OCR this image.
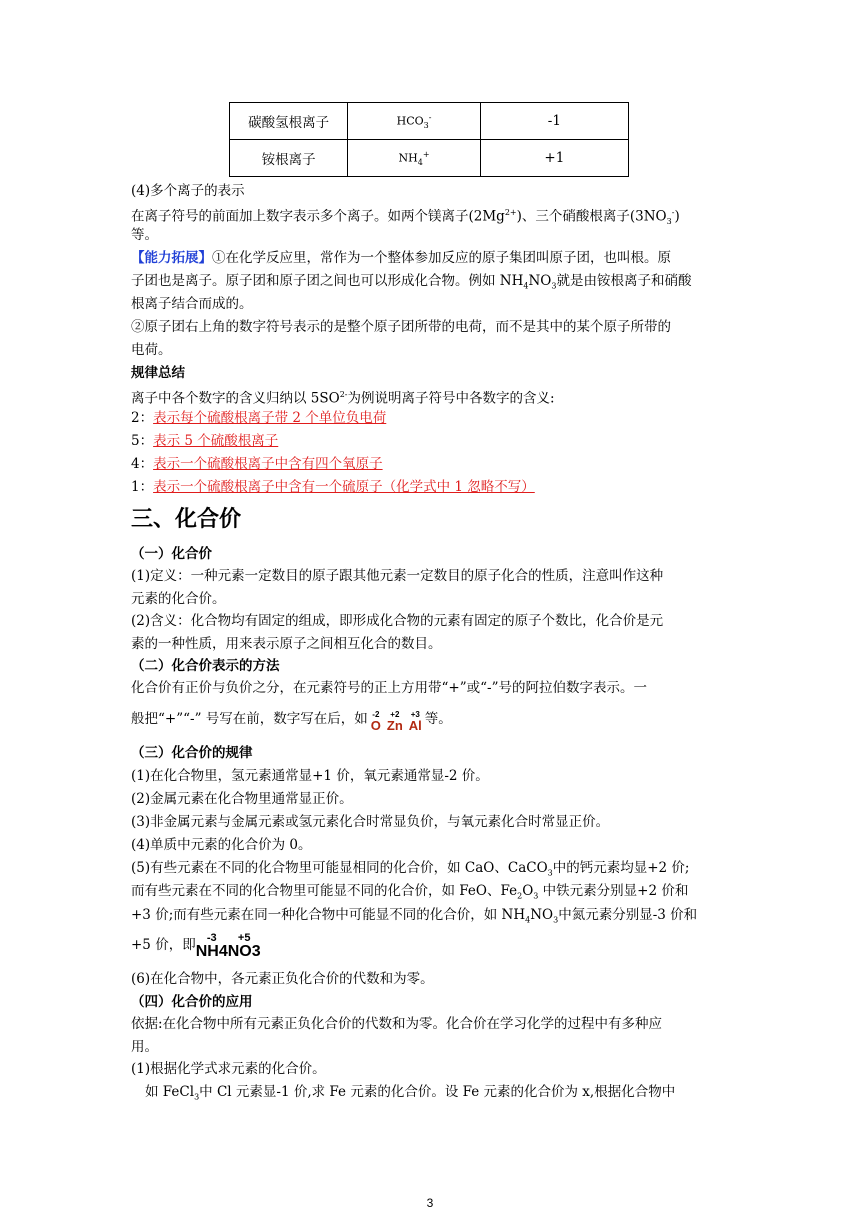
碳酸氢根离子	$HCO_3^-$	-1
铵根离子	$NH_4^+$	+1
(4)多个离子的表示
在离子符号的前面加上数字表示多个离子。如两个镁离子$(2Mg^{2+})$、三个硝酸根离子$(3NO_3^-)$
等。
【能力拓展】①在化学反应里，常作为一个整体参加反应的原子集团叫原子团，也叫根。原
子团也是离子。原子团和原子团之间也可以形成化合物。例如 $NH_4NO_3$就是由铵根离子和硝酸
根离子结合而成的。
②原子团右上角的数字符号表示的是整个原子团所带的电荷，而不是其中的某个原子所带的
电荷。
规律总结
离子中各个数字的含义归纳以 $5SO^{2-}$为例说明离子符号中各数字的含义:
2：表示每个硫酸根离子带 2 个单位负电荷
5：表示 5 个硫酸根离子
4：表示一个硫酸根离子中含有四个氧原子
1：表示一个硫酸根离子中含有一个硫原子（化学式中 1 忽略不写）
三、化合价
（一）化合价
(1)定义：一种元素一定数目的原子跟其他元素一定数目的原子化合的性质，注意叫作这种
元素的化合价。
(2)含义：化合物均有固定的组成，即形成化合物的元素有固定的原子个数比，化合价是元
素的一种性质，用来表示原子之间相互化合的数目。
（二）化合价表示的方法
化合价有正价与负价之分，在元素符号的正上方用带“+”或“-”号的阿拉伯数字表示。一
般把“+”“-” 号写在前，数字写在后，如 -2
O
+2
Zn
+3
Al 等。
（三）化合价的规律
(1)在化合物里，氢元素通常显+1 价，氧元素通常显-2 价。
(2)金属元素在化合物里通常显正价。
(3)非金属元素与金属元素或氢元素化合时常显负价，与氧元素化合时常显正价。
(4)单质中元素的化合价为 0。
(5)有些元素在不同的化合物里可能显相同的化合价，如 CaO、CaCO$_3$中的钙元素均显+2 价;
而有些元素在不同的化合物里可能显不同的化合价，如 FeO、$Fe_2O_3$ 中铁元素分别显+2 价和
+3 价;而有些元素在同一种化合物中可能显不同的化合价，如 $NH_4NO_3$中氮元素分别显-3 价和
+5 价，即	-3
NH4
+5
NO3
(6)在化合物中，各元素正负化合价的代数和为零。
（四）化合价的应用
依据:在化合物中所有元素正负化合价的代数和为零。化合价在学习化学的过程中有多种应
用。
(1)根据化学式求元素的化合价。
如 FeCl$_3$中 Cl 元素显-1 价,求 Fe 元素的化合价。设 Fe 元素的化合价为 x,根据化合物中
3
